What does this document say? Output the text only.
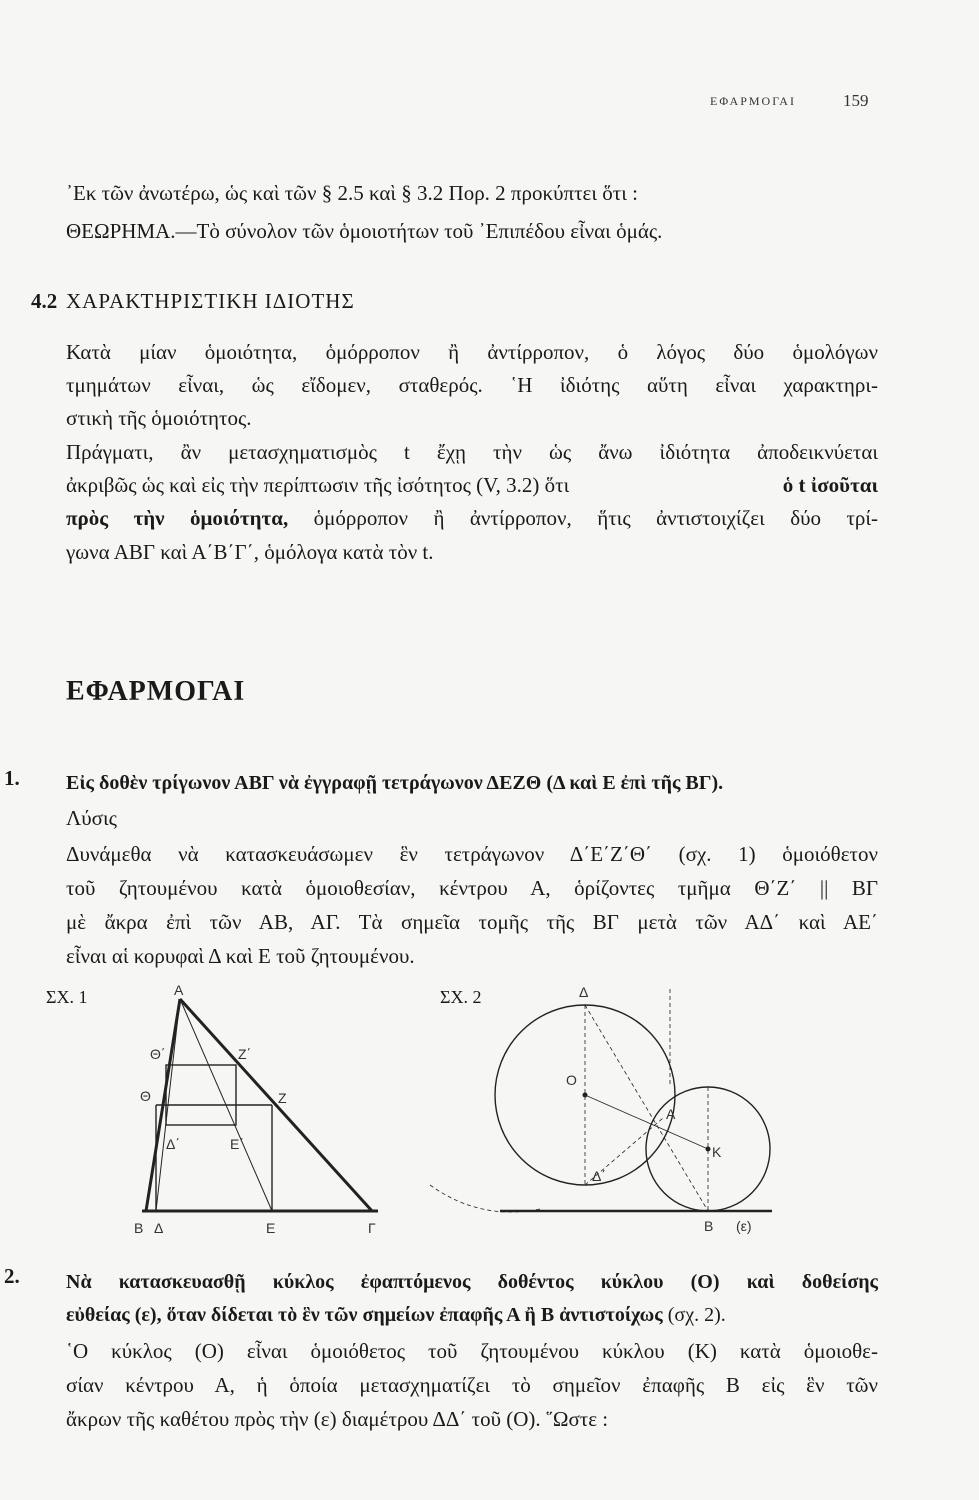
ΕΦΑΡΜΟΓΑΙ	159
᾿Εκ τῶν ἀνωτέρω, ὡς καὶ τῶν § 2.5 καὶ § 3.2 Πορ. 2 προκύπτει ὅτι :
ΘΕΩΡΗΜΑ.—Τὸ σύνολον τῶν ὁμοιοτήτων τοῦ ᾿Επιπέδου εἶναι ὁμάς.
4.2 ΧΑΡΑΚΤΗΡΙΣΤΙΚΗ ΙΔΙΟΤΗΣ
Κατὰ μίαν ὁμοιότητα, ὁμόρροπον ἢ ἀντίρροπον, ὁ λόγος δύο ὁμολόγων
τμημάτων εἶναι, ὡς εἴδομεν, σταθερός. ῾Η ἰδιότης αὕτη εἶναι χαρακτηρι-
στικὴ τῆς ὁμοιότητος.
Πράγματι, ἂν μετασχηματισμὸς t ἔχῃ τὴν ὡς ἄνω ἰδιότητα ἀποδεικνύεται
ἀκριβῶς ὡς καὶ εἰς τὴν περίπτωσιν τῆς ἰσότητος (V, 3.2) ὅτι	ὁ t ἰσοῦται
πρὸς τὴν ὁμοιότητα, ὁμόρροπον ἢ ἀντίρροπον, ἥτις ἀντιστοιχίζει δύο τρί-
γωνα ΑΒΓ καὶ Α΄Β΄Γ΄, ὁμόλογα κατὰ τὸν t.
ΕΦΑΡΜΟΓΑΙ
1. Εἰς δοθὲν τρίγωνον ΑΒΓ νὰ ἐγγραφῇ τετράγωνον ΔΕΖΘ (Δ καὶ Ε ἐπὶ τῆς ΒΓ).
Λύσις
Δυνάμεθα νὰ κατασκευάσωμεν ἓν τετράγωνον Δ΄Ε΄Ζ΄Θ΄ (σχ. 1) ὁμοιόθετον
τοῦ ζητουμένου κατὰ ὁμοιοθεσίαν, κέντρου Α, ὁρίζοντες τμῆμα Θ΄Ζ΄ || ΒΓ
μὲ ἄκρα ἐπὶ τῶν ΑΒ, ΑΓ. Τὰ σημεῖα τομῆς τῆς ΒΓ μετὰ τῶν ΑΔ΄ καὶ ΑΕ΄
εἶναι αἱ κορυφαὶ Δ καὶ Ε τοῦ ζητουμένου.
ΣΧ. 1	A
Θ΄	Ζ΄
Θ	Ζ
Δ΄	Ε΄
Β Δ	Ε	Γ
ΣΧ. 2	Δ
Ο
Α
Κ
Δ΄
Β (ε)
2. Νὰ κατασκευασθῇ κύκλος ἐφαπτόμενος δοθέντος κύκλου (Ο) καὶ δοθείσης
εὐθείας (ε), ὅταν δίδεται τὸ ἓν τῶν σημείων ἐπαφῆς Α ἢ Β ἀντιστοίχως (σχ. 2).
῾Ο κύκλος (Ο) εἶναι ὁμοιόθετος τοῦ ζητουμένου κύκλου (Κ) κατὰ ὁμοιοθε-
σίαν κέντρου Α, ἡ ὁποία μετασχηματίζει τὸ σημεῖον ἐπαφῆς Β εἰς ἓν τῶν
ἄκρων τῆς καθέτου πρὸς τὴν (ε) διαμέτρου ΔΔ΄ τοῦ (Ο). ῞Ωστε :
